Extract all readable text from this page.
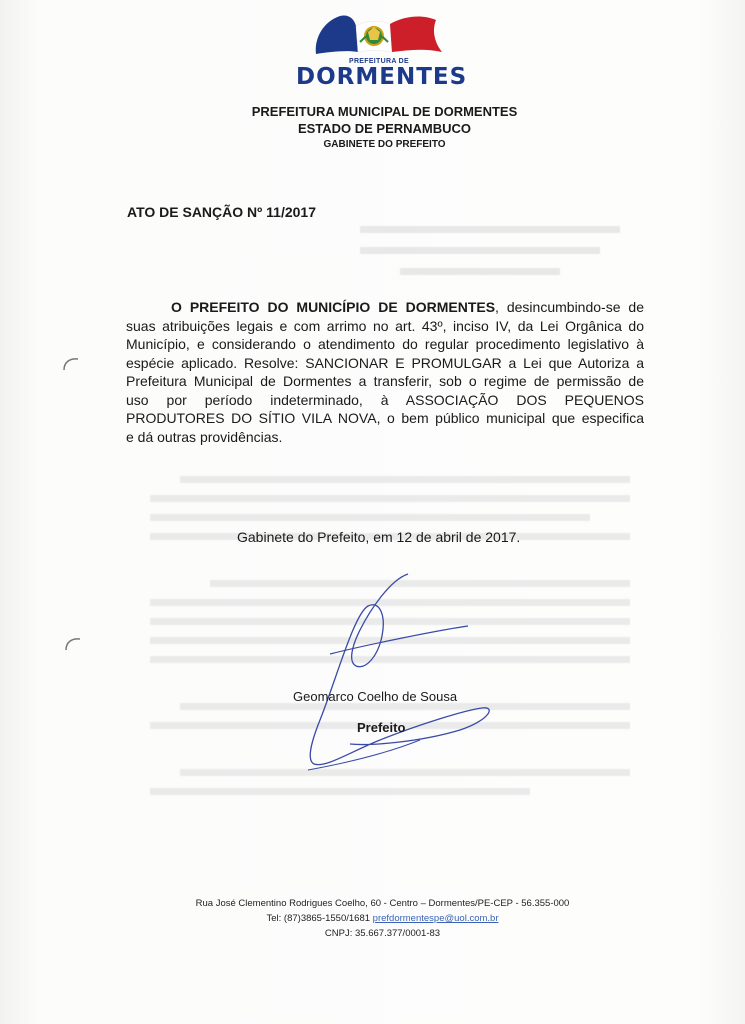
PREFEITURA DE
DORMENTES
PREFEITURA MUNICIPAL DE DORMENTES
ESTADO DE PERNAMBUCO
GABINETE DO PREFEITO
ATO DE SANÇÃO Nº 11/2017
O PREFEITO DO MUNICÍPIO DE DORMENTES, desincumbindo-se de
suas atribuições legais e com arrimo no art. 43º, inciso IV, da Lei Orgânica do
Município, e considerando o atendimento do regular procedimento legislativo à
espécie aplicado. Resolve: SANCIONAR E PROMULGAR a Lei que Autoriza a
Prefeitura Municipal de Dormentes a transferir, sob o regime de permissão de
uso por período indeterminado, à ASSOCIAÇÃO DOS PEQUENOS
PRODUTORES DO SÍTIO VILA NOVA, o bem público municipal que especifica
e dá outras providências.
Gabinete do Prefeito, em 12 de abril de 2017.
Geomarco Coelho de Sousa
Prefeito
Rua José Clementino Rodrigues Coelho, 60 - Centro – Dormentes/PE-CEP - 56.355-000
Tel: (87)3865-1550/1681 prefdormentespe@uol.com.br
CNPJ: 35.667.377/0001-83
